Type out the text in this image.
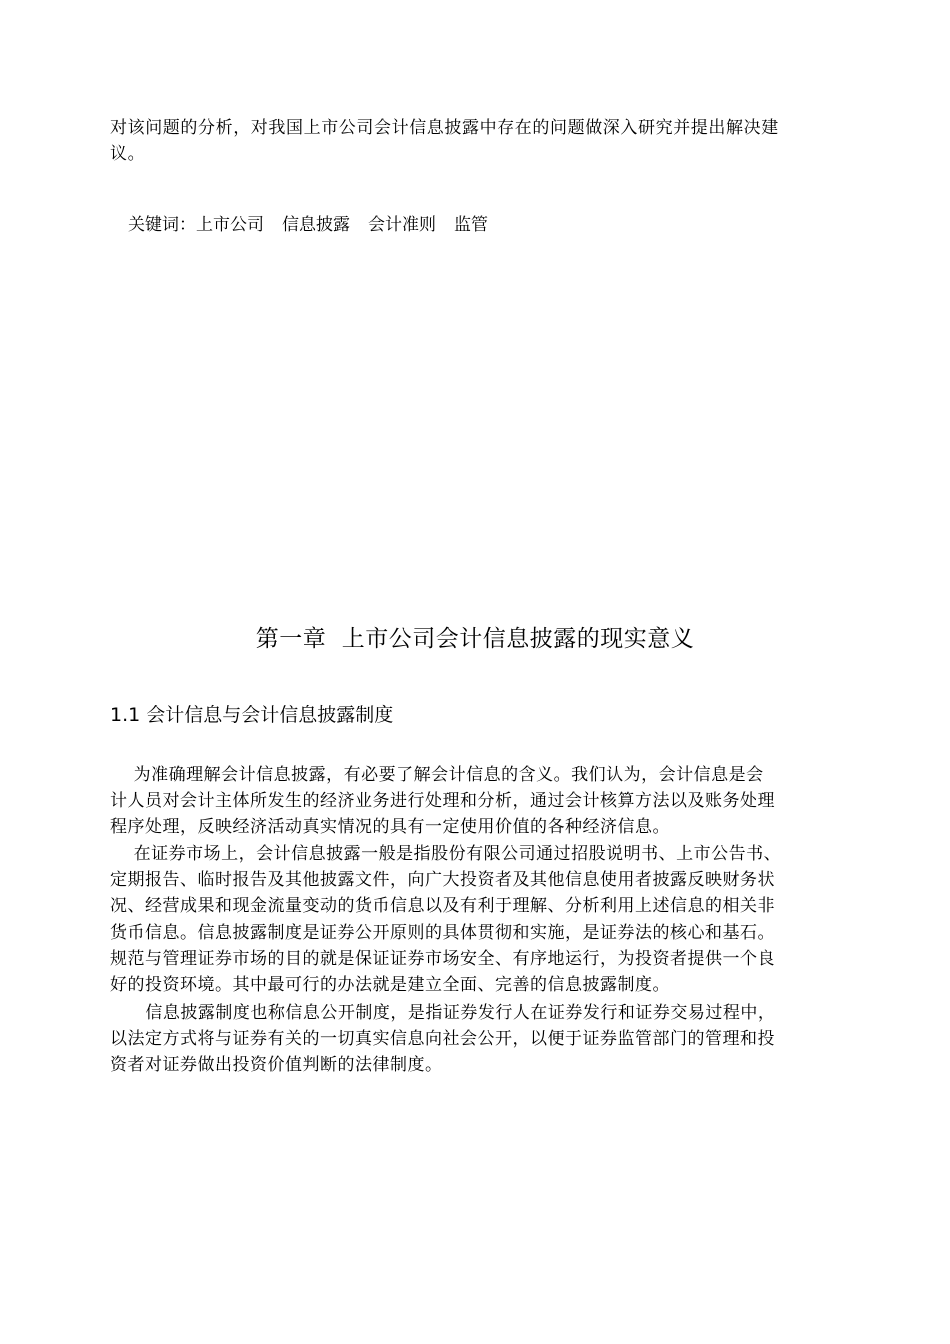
对该问题的分析，对我国上市公司会计信息披露中存在的问题做深入研究并提出解决建
议。
关键词：上市公司 信息披露 会计准则 监管
第一章  上市公司会计信息披露的现实意义
1.1 会计信息与会计信息披露制度
为准确理解会计信息披露，有必要了解会计信息的含义。我们认为，会计信息是会
计人员对会计主体所发生的经济业务进行处理和分析，通过会计核算方法以及账务处理
程序处理，反映经济活动真实情况的具有一定使用价值的各种经济信息。
在证券市场上，会计信息披露一般是指股份有限公司通过招股说明书、上市公告书、
定期报告、临时报告及其他披露文件，向广大投资者及其他信息使用者披露反映财务状
况、经营成果和现金流量变动的货币信息以及有利于理解、分析利用上述信息的相关非
货币信息。信息披露制度是证券公开原则的具体贯彻和实施，是证券法的核心和基石。
规范与管理证券市场的目的就是保证证券市场安全、有序地运行，为投资者提供一个良
好的投资环境。其中最可行的办法就是建立全面、完善的信息披露制度。
信息披露制度也称信息公开制度，是指证券发行人在证券发行和证券交易过程中，
以法定方式将与证券有关的一切真实信息向社会公开，以便于证券监管部门的管理和投
资者对证券做出投资价值判断的法律制度。
